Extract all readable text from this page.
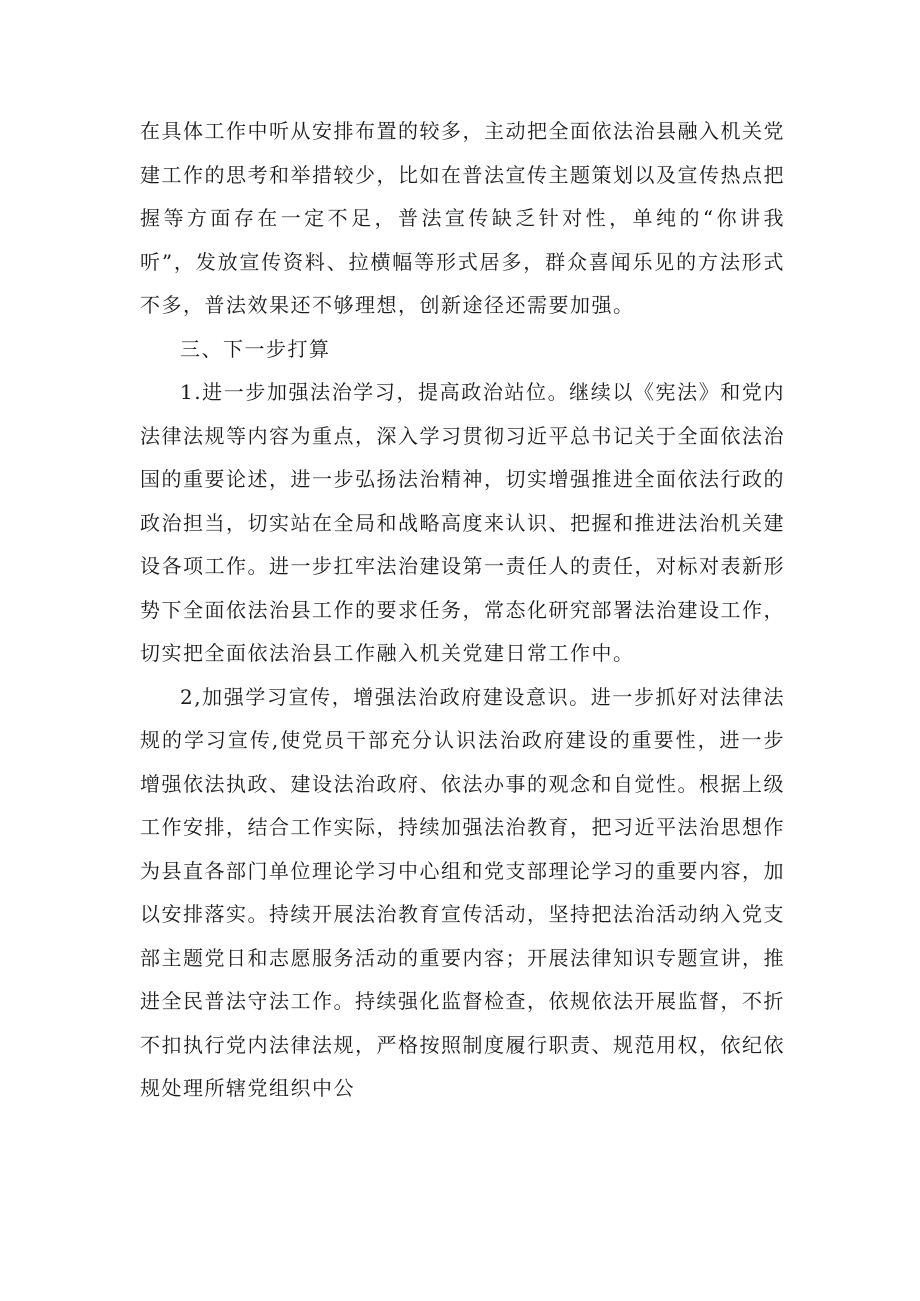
在具体工作中听从安排布置的较多，主动把全面依法治县融入机关党建工作的思考和举措较少，比如在普法宣传主题策划以及宣传热点把握等方面存在一定不足，普法宣传缺乏针对性，单纯的“你讲我听”，发放宣传资料、拉横幅等形式居多，群众喜闻乐见的方法形式不多，普法效果还不够理想，创新途径还需要加强。

三、下一步打算

1.进一步加强法治学习，提高政治站位。继续以《宪法》和党内法律法规等内容为重点，深入学习贯彻习近平总书记关于全面依法治国的重要论述，进一步弘扬法治精神，切实增强推进全面依法行政的政治担当，切实站在全局和战略高度来认识、把握和推进法治机关建设各项工作。进一步扛牢法治建设第一责任人的责任，对标对表新形势下全面依法治县工作的要求任务，常态化研究部署法治建设工作，切实把全面依法治县工作融入机关党建日常工作中。

2,加强学习宣传，增强法治政府建设意识。进一步抓好对法律法规的学习宣传,使党员干部充分认识法治政府建设的重要性，进一步增强依法执政、建设法治政府、依法办事的观念和自觉性。根据上级工作安排，结合工作实际，持续加强法治教育，把习近平法治思想作为县直各部门单位理论学习中心组和党支部理论学习的重要内容，加以安排落实。持续开展法治教育宣传活动，坚持把法治活动纳入党支部主题党日和志愿服务活动的重要内容；开展法律知识专题宣讲，推进全民普法守法工作。持续强化监督检查，依规依法开展监督，不折不扣执行党内法律法规，严格按照制度履行职责、规范用权，依纪依规处理所辖党组织中公
